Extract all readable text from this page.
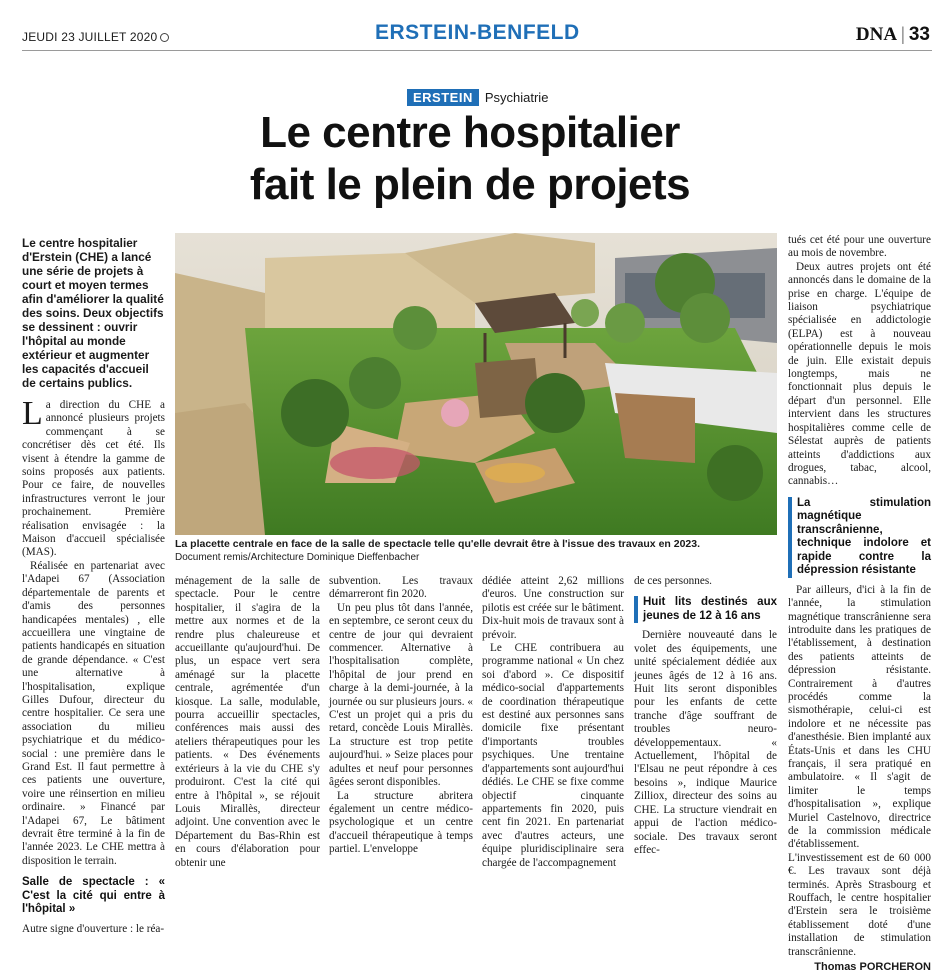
JEUDI 23 JUILLET 2020	ERSTEIN-BENFELD	DNA | 33
ERSTEIN Psychiatrie
Le centre hospitalier
fait le plein de projets

Le centre hospitalier d'Erstein (CHE) a lancé une série de projets à court et moyen termes afin d'améliorer la qualité des soins. Deux objectifs se dessinent : ouvrir l'hôpital au monde extérieur et augmenter les capacités d'accueil de certains publics.

La direction du CHE a annoncé plusieurs projets commençant à se concrétiser dès cet été. Ils visent à étendre la gamme de soins proposés aux patients. Pour ce faire, de nouvelles infrastructures verront le jour prochainement. Première réalisation envisagée : la Maison d'accueil spécialisée (MAS).

Réalisée en partenariat avec l'Adapei 67 (Association départementale de parents et d'amis des personnes handicapées mentales) , elle accueillera une vingtaine de patients handicapés en situation de grande dépendance. « C'est une alternative à l'hospitalisation, explique Gilles Dufour, directeur du centre hospitalier. Ce sera une association du milieu psychiatrique et du médico-social : une première dans le Grand Est. Il faut permettre à ces patients une ouverture, voire une réinsertion en milieu ordinaire. » Financé par l'Adapei 67, Le bâtiment devrait être terminé à la fin de l'année 2023. Le CHE mettra à disposition le terrain.

Salle de spectacle : « C'est la cité qui entre à l'hôpital »

Autre signe d'ouverture : le réa-

La placette centrale en face de la salle de spectacle telle qu'elle devrait être à l'issue des travaux en 2023.
Document remis/Architecture Dominique Dieffenbacher

ménagement de la salle de spectacle. Pour le centre hospitalier, il s'agira de la mettre aux normes et de la rendre plus chaleureuse et accueillante qu'aujourd'hui. De plus, un espace vert sera aménagé sur la placette centrale, agrémentée d'un kiosque. La salle, modulable, pourra accueillir spectacles, conférences mais aussi des ateliers thérapeutiques pour les patients. « Des événements extérieurs à la vie du CHE s'y produiront. C'est la cité qui entre à l'hôpital », se réjouit Louis Mirallès, directeur adjoint. Une convention avec le Département du Bas-Rhin est en cours d'élaboration pour obtenir une

subvention. Les travaux démarreront fin 2020.

Un peu plus tôt dans l'année, en septembre, ce seront ceux du centre de jour qui devraient commencer. Alternative à l'hospitalisation complète, l'hôpital de jour prend en charge à la demi-journée, à la journée ou sur plusieurs jours. « C'est un projet qui a pris du retard, concède Louis Mirallès. La structure est trop petite aujourd'hui. » Seize places pour adultes et neuf pour personnes âgées seront disponibles.

La structure abritera également un centre médico-psychologique et un centre d'accueil thérapeutique à temps partiel. L'enveloppe

dédiée atteint 2,62 millions d'euros. Une construction sur pilotis est créée sur le bâtiment. Dix-huit mois de travaux sont à prévoir.

Le CHE contribuera au programme national « Un chez soi d'abord ». Ce dispositif médico-social d'appartements de coordination thérapeutique est destiné aux personnes sans domicile fixe présentant d'importants troubles psychiques. Une trentaine d'appartements sont aujourd'hui dédiés. Le CHE se fixe comme objectif cinquante appartements fin 2020, puis cent fin 2021. En partenariat avec d'autres acteurs, une équipe pluridisciplinaire sera chargée de l'accompagnement

de ces personnes.

Huit lits destinés aux jeunes de 12 à 16 ans

Dernière nouveauté dans le volet des équipements, une unité spécialement dédiée aux jeunes âgés de 12 à 16 ans. Huit lits seront disponibles pour les enfants de cette tranche d'âge souffrant de troubles neuro-développementaux. « Actuellement, l'hôpital de l'Elsau ne peut répondre à ces besoins », indique Maurice Zilliox, directeur des soins au CHE. La structure viendrait en appui de l'action médico-sociale. Des travaux seront effec-

tués cet été pour une ouverture au mois de novembre.

Deux autres projets ont été annoncés dans le domaine de la prise en charge. L'équipe de liaison psychiatrique spécialisée en addictologie (ELPA) est à nouveau opérationnelle depuis le mois de juin. Elle existait depuis longtemps, mais ne fonctionnait plus depuis le départ d'un personnel. Elle intervient dans les structures hospitalières comme celle de Sélestat auprès de patients atteints d'addictions aux drogues, tabac, alcool, cannabis…

La stimulation magnétique transcrânienne, technique indolore et rapide contre la dépression résistante

Par ailleurs, d'ici à la fin de l'année, la stimulation magnétique transcrânienne sera introduite dans les pratiques de l'établissement, à destination des patients atteints de dépression résistante. Contrairement à d'autres procédés comme la sismothérapie, celui-ci est indolore et ne nécessite pas d'anesthésie. Bien implanté aux États-Unis et dans les CHU français, il sera pratiqué en ambulatoire. « Il s'agit de limiter le temps d'hospitalisation », explique Muriel Castelnovo, directrice de la commission médicale d'établissement. L'investissement est de 60 000 €. Les travaux sont déjà terminés. Après Strasbourg et Rouffach, le centre hospitalier d'Erstein sera le troisième établissement doté d'une installation de stimulation transcrânienne.

Thomas PORCHERON
